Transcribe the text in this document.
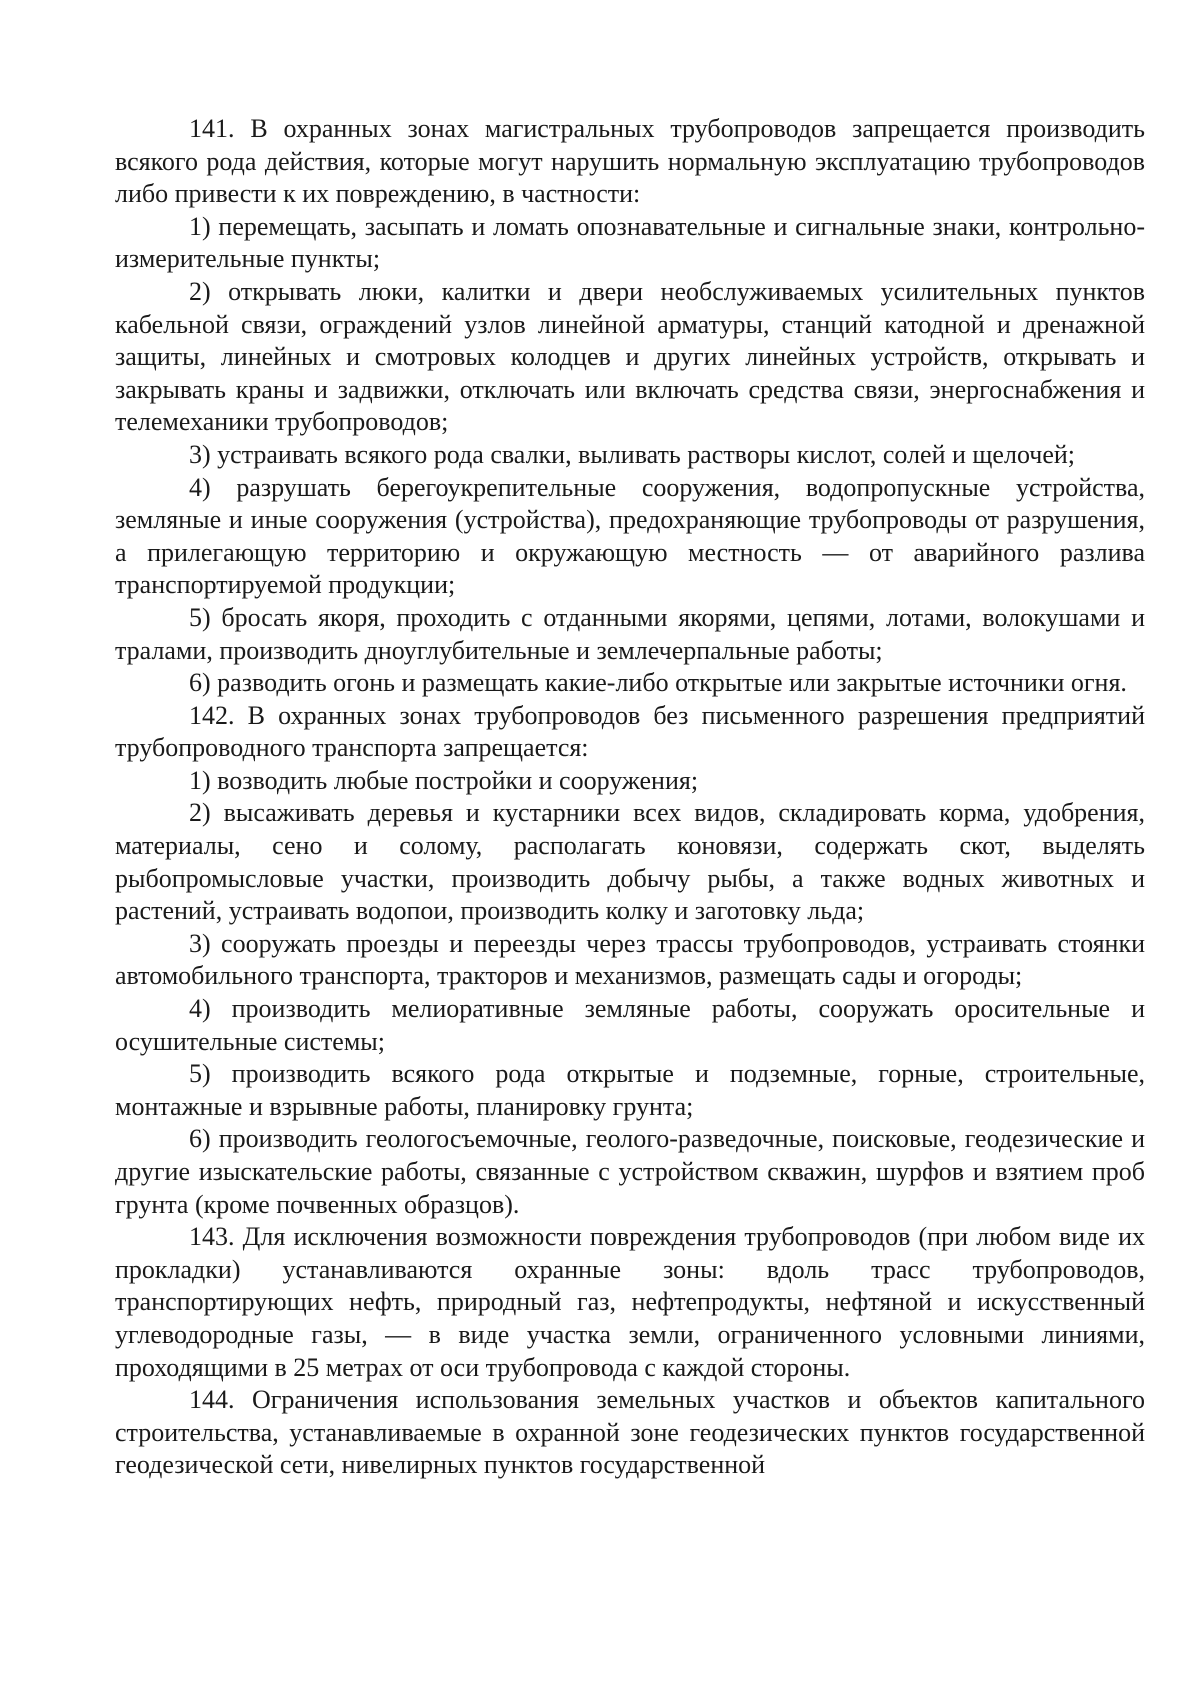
141. В охранных зонах магистральных трубопроводов запрещается производить всякого рода действия, которые могут нарушить нормальную эксплуатацию трубопроводов либо привести к их повреждению, в частности:

1) перемещать, засыпать и ломать опознавательные и сигнальные знаки, контрольно-измерительные пункты;

2) открывать люки, калитки и двери необслуживаемых усилительных пунктов кабельной связи, ограждений узлов линейной арматуры, станций катодной и дренажной защиты, линейных и смотровых колодцев и других линейных устройств, открывать и закрывать краны и задвижки, отключать или включать средства связи, энергоснабжения и телемеханики трубопроводов;

3) устраивать всякого рода свалки, выливать растворы кислот, солей и щелочей;

4) разрушать берегоукрепительные сооружения, водопропускные устройства, земляные и иные сооружения (устройства), предохраняющие трубопроводы от разрушения, а прилегающую территорию и окружающую местность — от аварийного разлива транспортируемой продукции;

5) бросать якоря, проходить с отданными якорями, цепями, лотами, волокушами и тралами, производить дноуглубительные и землечерпальные работы;

6) разводить огонь и размещать какие-либо открытые или закрытые источники огня.

142. В охранных зонах трубопроводов без письменного разрешения предприятий трубопроводного транспорта запрещается:

1) возводить любые постройки и сооружения;

2) высаживать деревья и кустарники всех видов, складировать корма, удобрения, материалы, сено и солому, располагать коновязи, содержать скот, выделять рыбопромысловые участки, производить добычу рыбы, а также водных животных и растений, устраивать водопои, производить колку и заготовку льда;

3) сооружать проезды и переезды через трассы трубопроводов, устраивать стоянки автомобильного транспорта, тракторов и механизмов, размещать сады и огороды;

4) производить мелиоративные земляные работы, сооружать оросительные и осушительные системы;

5) производить всякого рода открытые и подземные, горные, строительные, монтажные и взрывные работы, планировку грунта;

6) производить геологосъемочные, геолого-разведочные, поисковые, геодезические и другие изыскательские работы, связанные с устройством скважин, шурфов и взятием проб грунта (кроме почвенных образцов).

143. Для исключения возможности повреждения трубопроводов (при любом виде их прокладки) устанавливаются охранные зоны: вдоль трасс трубопроводов, транспортирующих нефть, природный газ, нефтепродукты, нефтяной и искусственный углеводородные газы, — в виде участка земли, ограниченного условными линиями, проходящими в 25 метрах от оси трубопровода с каждой стороны.

144. Ограничения использования земельных участков и объектов капитального строительства, устанавливаемые в охранной зоне геодезических пунктов государственной геодезической сети, нивелирных пунктов государственной
